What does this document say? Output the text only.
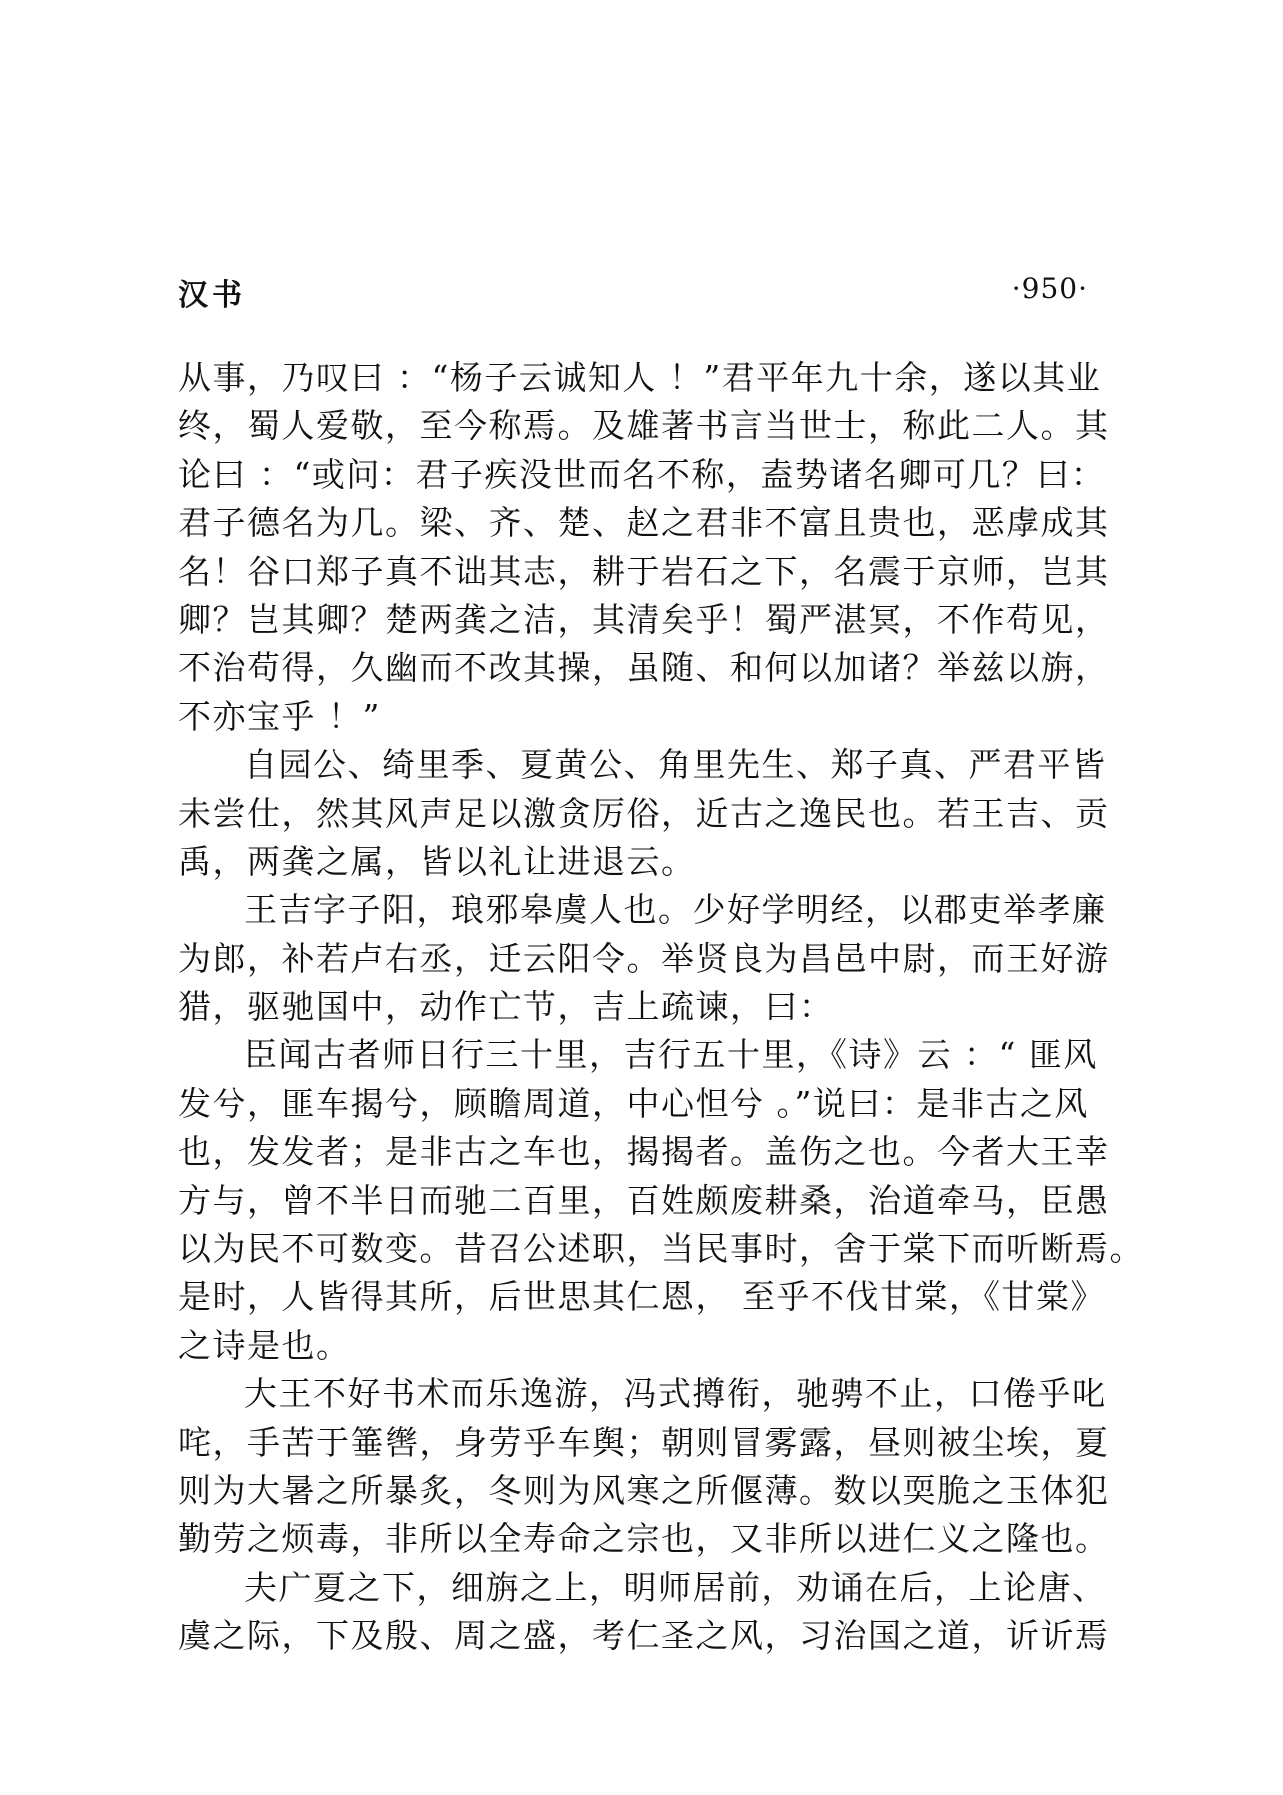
汉书	·950·
从事，乃叹曰 ：“杨子云诚知人 ！”君平年九十余，遂以其业
终，蜀人爱敬，至今称焉。及雄著书言当世士，称此二人。其
论曰 ：“或问：君子疾没世而名不称，盍势诸名卿可几？曰：
君子德名为几。梁、齐、楚、赵之君非不富且贵也，恶虖成其
名！谷口郑子真不诎其志，耕于岩石之下，名震于京师，岂其
卿？岂其卿？楚两龚之洁，其清矣乎！蜀严湛冥，不作苟见，
不治苟得，久幽而不改其操，虽随、和何以加诸？举兹以旃，
不亦宝乎 ！”
自园公、绮里季、夏黄公、角里先生、郑子真、严君平皆
未尝仕，然其风声足以激贪厉俗，近古之逸民也。若王吉、贡
禹，两龚之属，皆以礼让进退云。
王吉字子阳，琅邪皋虞人也。少好学明经，以郡吏举孝廉
为郎，补若卢右丞，迁云阳令。举贤良为昌邑中尉，而王好游
猎，驱驰国中，动作亡节，吉上疏谏，曰：
臣闻古者师日行三十里，吉行五十里，《诗》云 ：“ 匪风
发兮，匪车揭兮，顾瞻周道，中心怛兮 。”说曰：是非古之风
也，发发者；是非古之车也，揭揭者。盖伤之也。今者大王幸
方与，曾不半日而驰二百里，百姓颇废耕桑，治道牵马，臣愚
以为民不可数变。昔召公述职，当民事时，舍于棠下而听断焉。
是时，人皆得其所，后世思其仁恩， 至乎不伐甘棠，《甘棠》
之诗是也。
大王不好书术而乐逸游，冯式撙衔，驰骋不止，口倦乎叱
咤，手苦于箠辔，身劳乎车舆；朝则冒雾露，昼则被尘埃，夏
则为大暑之所暴炙，冬则为风寒之所偃薄。数以耎脆之玉体犯
勤劳之烦毒，非所以全寿命之宗也，又非所以进仁义之隆也。
夫广夏之下，细旃之上，明师居前，劝诵在后，上论唐、
虞之际，下及殷、周之盛，考仁圣之风，习治国之道，䜣䜣焉
